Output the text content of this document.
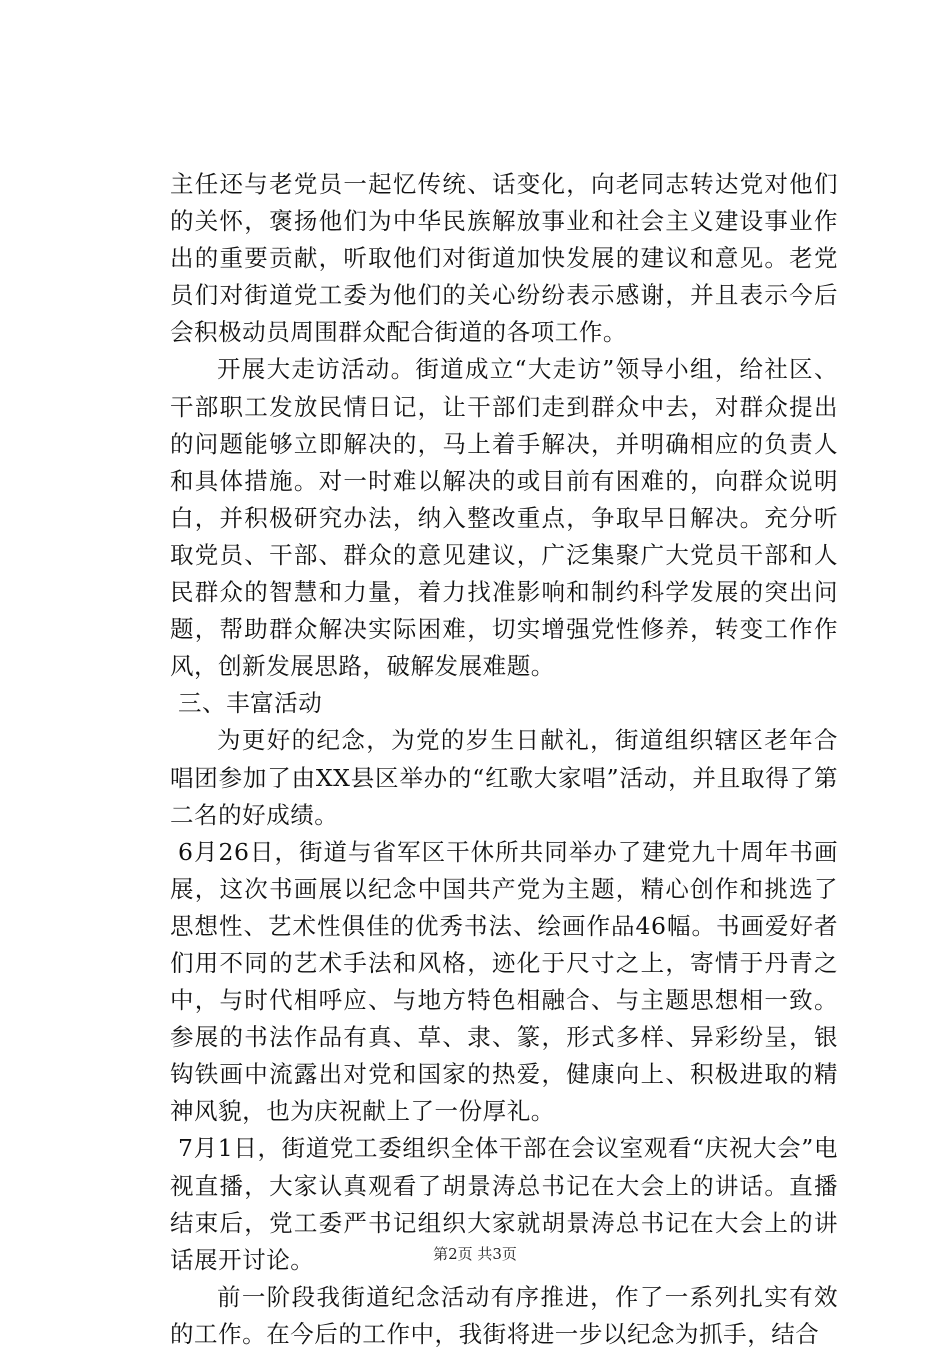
主任还与老党员一起忆传统、话变化，向老同志转达党对他们的关怀，褒扬他们为中华民族解放事业和社会主义建设事业作出的重要贡献，听取他们对街道加快发展的建议和意见。老党员们对街道党工委为他们的关心纷纷表示感谢，并且表示今后会积极动员周围群众配合街道的各项工作。

开展大走访活动。街道成立“大走访”领导小组，给社区、干部职工发放民情日记，让干部们走到群众中去，对群众提出的问题能够立即解决的，马上着手解决，并明确相应的负责人和具体措施。对一时难以解决的或目前有困难的，向群众说明白，并积极研究办法，纳入整改重点，争取早日解决。充分听取党员、干部、群众的意见建议，广泛集聚广大党员干部和人民群众的智慧和力量，着力找准影响和制约科学发展的突出问题，帮助群众解决实际困难，切实增强党性修养，转变工作作风，创新发展思路，破解发展难题。

三、丰富活动

为更好的纪念，为党的岁生日献礼，街道组织辖区老年合唱团参加了由XX县区举办的“红歌大家唱”活动，并且取得了第二名的好成绩。

6月26日，街道与省军区干休所共同举办了建党九十周年书画展，这次书画展以纪念中国共产党为主题，精心创作和挑选了思想性、艺术性俱佳的优秀书法、绘画作品46幅。书画爱好者们用不同的艺术手法和风格，迹化于尺寸之上，寄情于丹青之中，与时代相呼应、与地方特色相融合、与主题思想相一致。参展的书法作品有真、草、隶、篆，形式多样、异彩纷呈，银钩铁画中流露出对党和国家的热爱，健康向上、积极进取的精神风貌，也为庆祝献上了一份厚礼。

7月1日，街道党工委组织全体干部在会议室观看“庆祝大会”电视直播，大家认真观看了胡景涛总书记在大会上的讲话。直播结束后，党工委严书记组织大家就胡景涛总书记在大会上的讲话展开讨论。

前一阶段我街道纪念活动有序推进，作了一系列扎实有效的工作。在今后的工作中，我街将进一步以纪念为抓手，结合

第2页 共3页
